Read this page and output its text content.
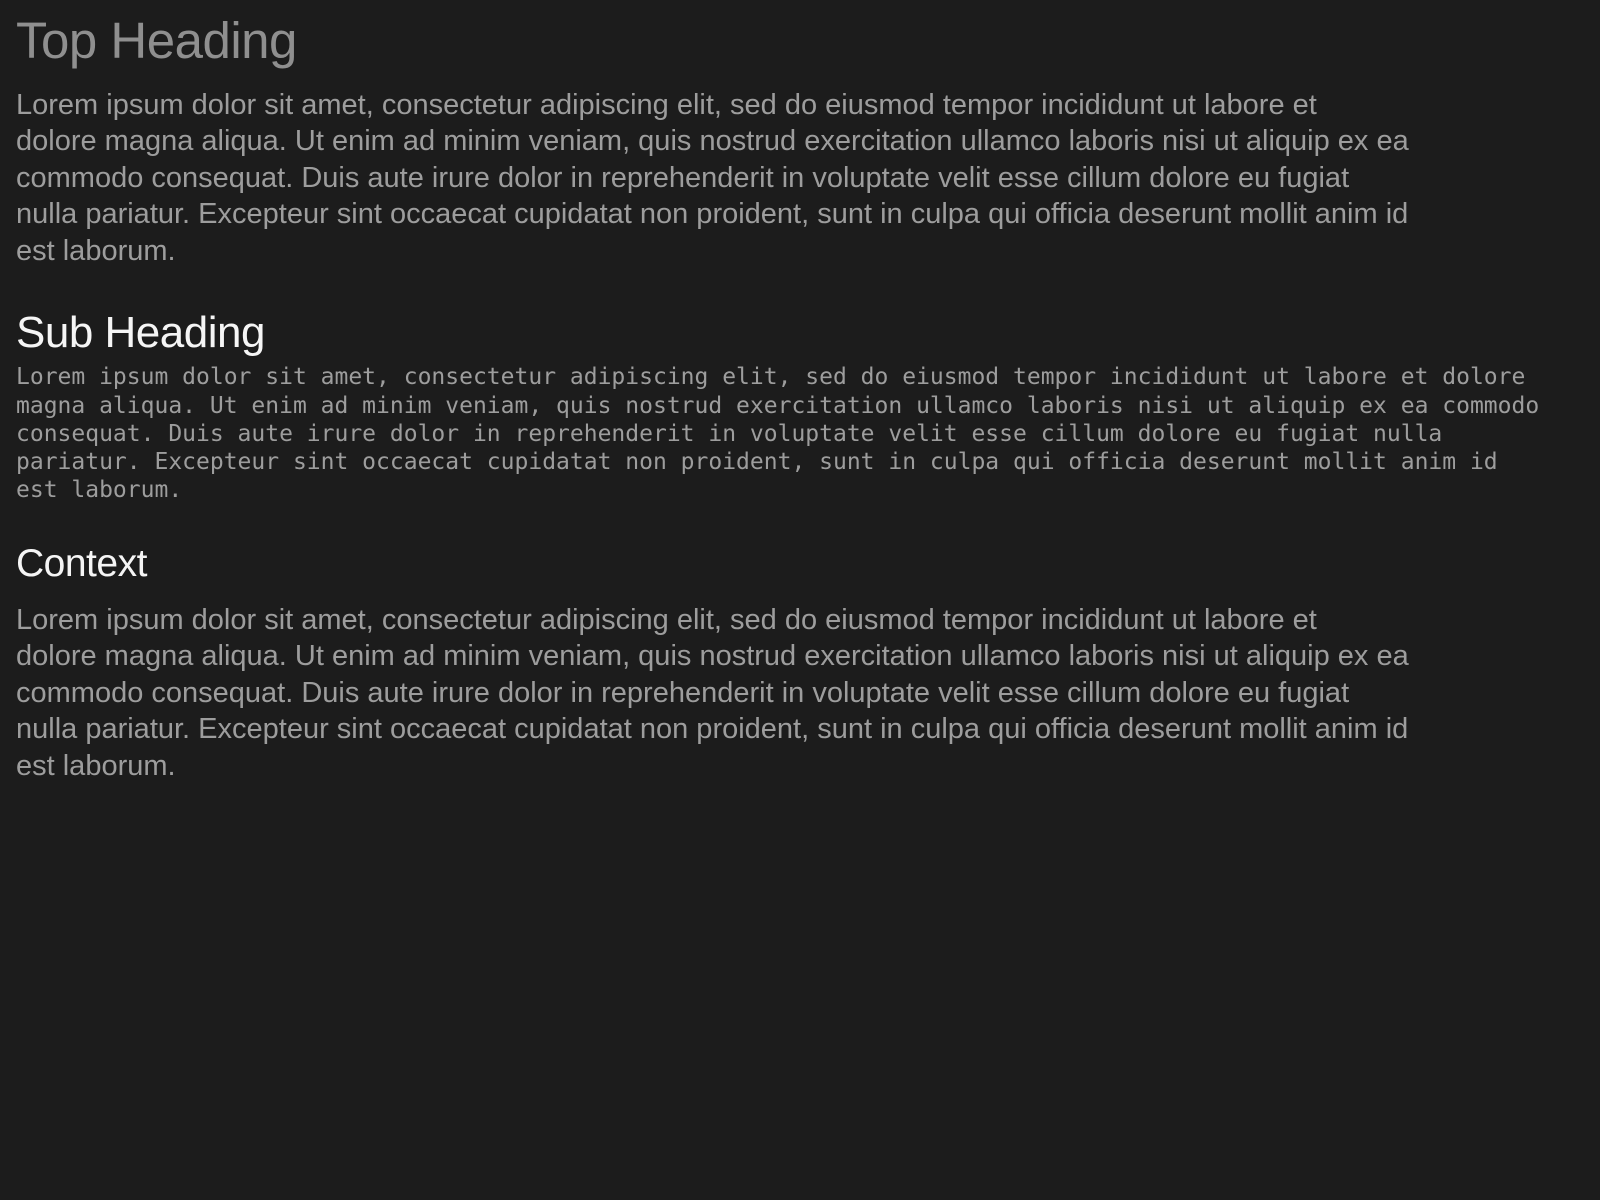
Top Heading
Lorem ipsum dolor sit amet, consectetur adipiscing elit, sed do eiusmod tempor incididunt ut labore et
dolore magna aliqua. Ut enim ad minim veniam, quis nostrud exercitation ullamco laboris nisi ut aliquip ex ea
commodo consequat. Duis aute irure dolor in reprehenderit in voluptate velit esse cillum dolore eu fugiat
nulla pariatur. Excepteur sint occaecat cupidatat non proident, sunt in culpa qui officia deserunt mollit anim id
est laborum.
Sub Heading
Lorem ipsum dolor sit amet, consectetur adipiscing elit, sed do eiusmod tempor incididunt ut labore et dolore
magna aliqua. Ut enim ad minim veniam, quis nostrud exercitation ullamco laboris nisi ut aliquip ex ea commodo
consequat. Duis aute irure dolor in reprehenderit in voluptate velit esse cillum dolore eu fugiat nulla
pariatur. Excepteur sint occaecat cupidatat non proident, sunt in culpa qui officia deserunt mollit anim id
est laborum.
Context
Lorem ipsum dolor sit amet, consectetur adipiscing elit, sed do eiusmod tempor incididunt ut labore et
dolore magna aliqua. Ut enim ad minim veniam, quis nostrud exercitation ullamco laboris nisi ut aliquip ex ea
commodo consequat. Duis aute irure dolor in reprehenderit in voluptate velit esse cillum dolore eu fugiat
nulla pariatur. Excepteur sint occaecat cupidatat non proident, sunt in culpa qui officia deserunt mollit anim id
est laborum.
